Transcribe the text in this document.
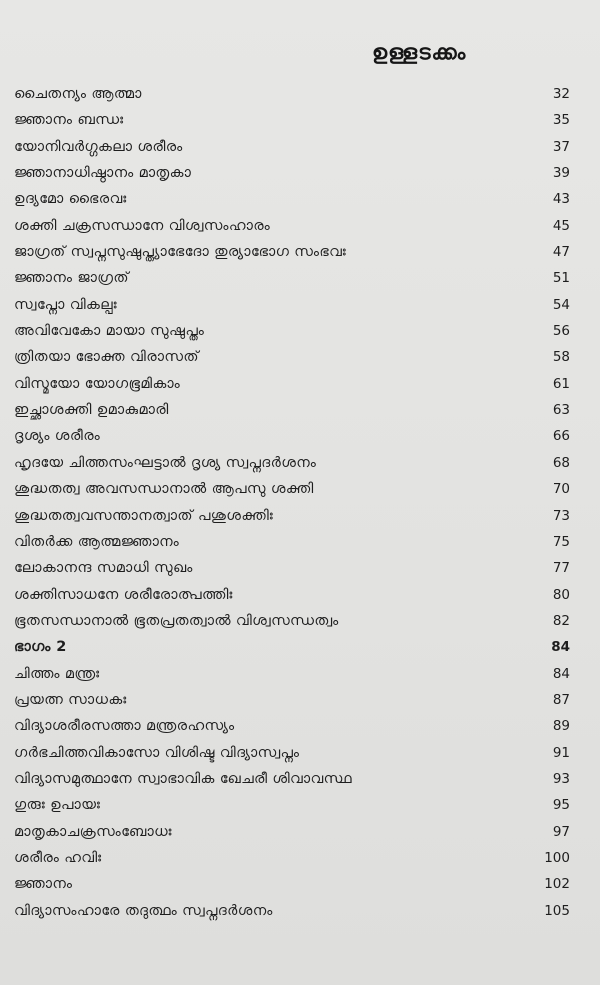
ഉള്ളടക്കം
ചൈതന്യം ആത്മാ	32
ജ്ഞാനം ബന്ധഃ	35
യോനിവർഗ്ഗകലാ ശരീരം	37
ജ്ഞാനാധിഷ്ഠാനം മാതൃകാ	39
ഉദ്യമോ ഭൈരവഃ	43
ശക്തി ചക്രസന്ധാനേ വിശ്വസംഹാരം	45
ജാഗ്രത് സ്വപ്നസുഷുപ്ത്യാഭേദോ തുര്യാഭോഗ സംഭവഃ	47
ജ്ഞാനം ജാഗ്രത്	51
സ്വപ്നോ വികല്പഃ	54
അവിവേകോ മായാ സുഷുപ്തം	56
ത്രിതയാ ഭോക്ത വിരാസത്	58
വിസ്മയോ യോഗഭൂമികാം	61
ഇച്ഛാശക്തി ഉമാകുമാരി	63
ദൃശ്യം ശരീരം	66
ഹൃദയേ ചിത്തസംഘട്ടാൽ ദൃശ്യ സ്വപ്നദർശനം	68
ശുദ്ധതത്വ അവസന്ധാനാൽ ആപസു ശക്തി	70
ശുദ്ധതത്വവസന്താനത്വാത് പശുശക്തിഃ	73
വിതർക്ക ആത്മജ്ഞാനം	75
ലോകാനന്ദ സമാധി സുഖം	77
ശക്തിസാധനേ ശരീരോത്പത്തിഃ	80
ഭൂതസന്ധാനാൽ ഭൂതപ്രതത്വാൽ വിശ്വസന്ധത്വം	82
ഭാഗം 2	84
ചിത്തം മന്ത്രഃ	84
പ്രയത്ന സാധകഃ	87
വിദ്യാശരീരസത്താ മന്ത്രരഹസ്യം	89
ഗർഭചിത്തവികാസോ വിശിഷ്ട വിദ്യാസ്വപ്നം	91
വിദ്യാസമുത്ഥാനേ സ്വാഭാവിക ഖേചരീ ശിവാവസ്ഥ	93
ഗുരുഃ ഉപായഃ	95
മാതൃകാചക്രസംബോധഃ	97
ശരീരം ഹവിഃ	100
ജ്ഞാനം	102
വിദ്യാസംഹാരേ തദുത്ഥം സ്വപ്നദർശനം	105
